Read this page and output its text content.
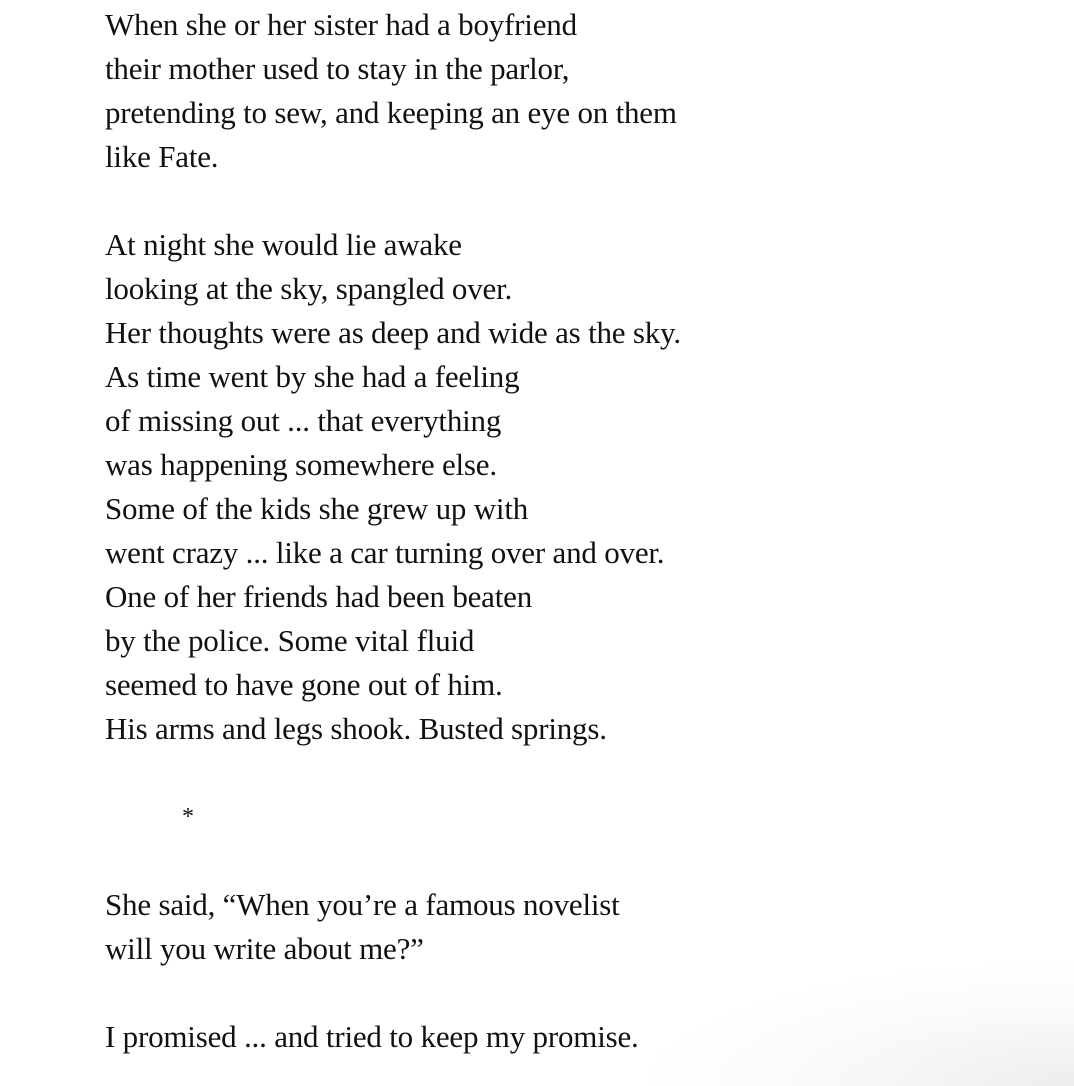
When she or her sister had a boyfriend
their mother used to stay in the parlor,
pretending to sew, and keeping an eye on them
like Fate.
At night she would lie awake
looking at the sky, spangled over.
Her thoughts were as deep and wide as the sky.
As time went by she had a feeling
of missing out ... that everything
was happening somewhere else.
Some of the kids she grew up with
went crazy ... like a car turning over and over.
One of her friends had been beaten
by the police. Some vital fluid
seemed to have gone out of him.
His arms and legs shook. Busted springs.
*
She said, “When you’re a famous novelist
will you write about me?”
I promised ... and tried to keep my promise.
